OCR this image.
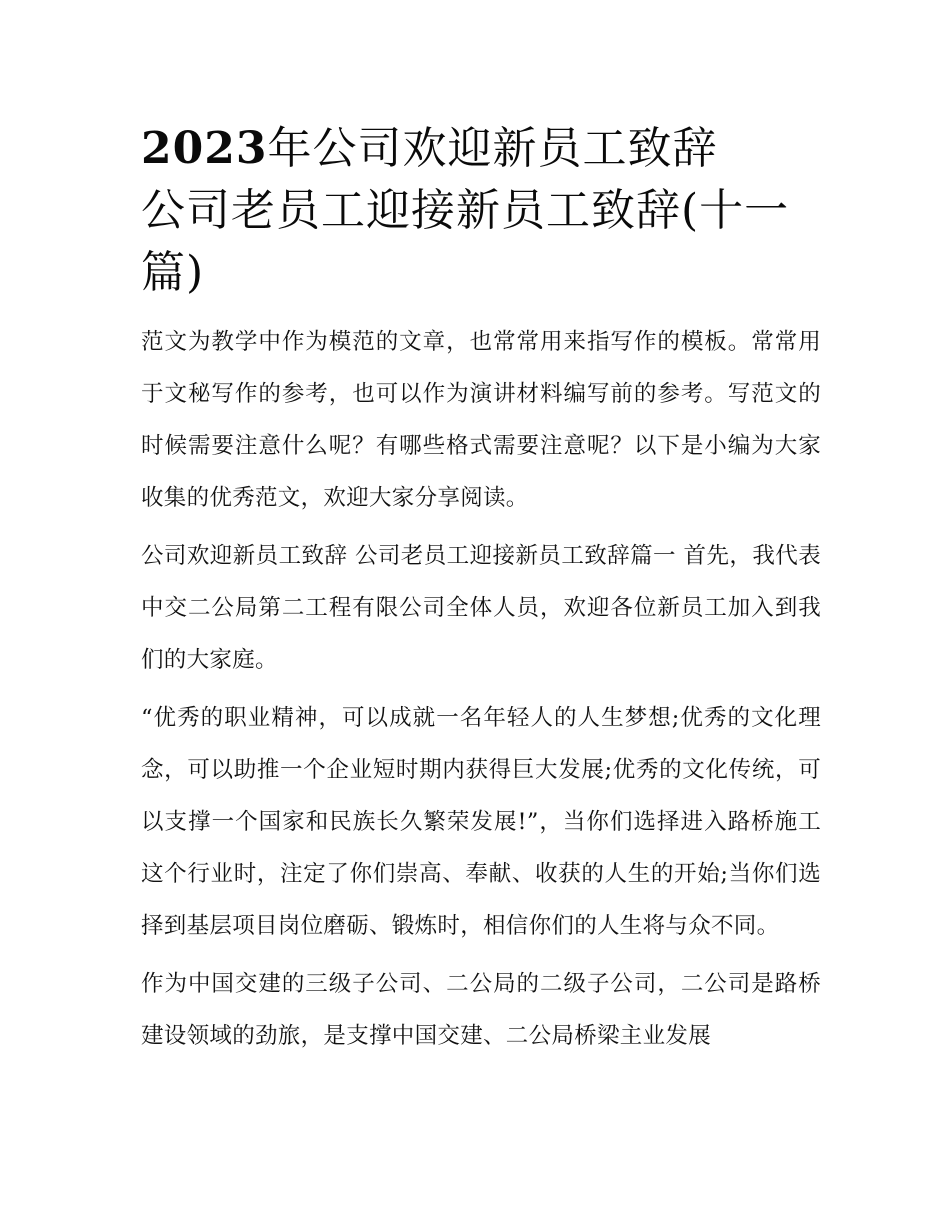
2023年公司欢迎新员工致辞
公司老员工迎接新员工致辞(十一篇)

范文为教学中作为模范的文章，也常常用来指写作的模板。常常用于文秘写作的参考，也可以作为演讲材料编写前的参考。写范文的时候需要注意什么呢？有哪些格式需要注意呢？以下是小编为大家收集的优秀范文，欢迎大家分享阅读。

公司欢迎新员工致辞 公司老员工迎接新员工致辞篇一 首先，我代表中交二公局第二工程有限公司全体人员，欢迎各位新员工加入到我们的大家庭。

“优秀的职业精神，可以成就一名年轻人的人生梦想;优秀的文化理念，可以助推一个企业短时期内获得巨大发展;优秀的文化传统，可以支撑一个国家和民族长久繁荣发展!”，当你们选择进入路桥施工这个行业时，注定了你们崇高、奉献、收获的人生的开始;当你们选择到基层项目岗位磨砺、锻炼时，相信你们的人生将与众不同。

作为中国交建的三级子公司、二公局的二级子公司，二公司是路桥建设领域的劲旅，是支撑中国交建、二公局桥梁主业发展
